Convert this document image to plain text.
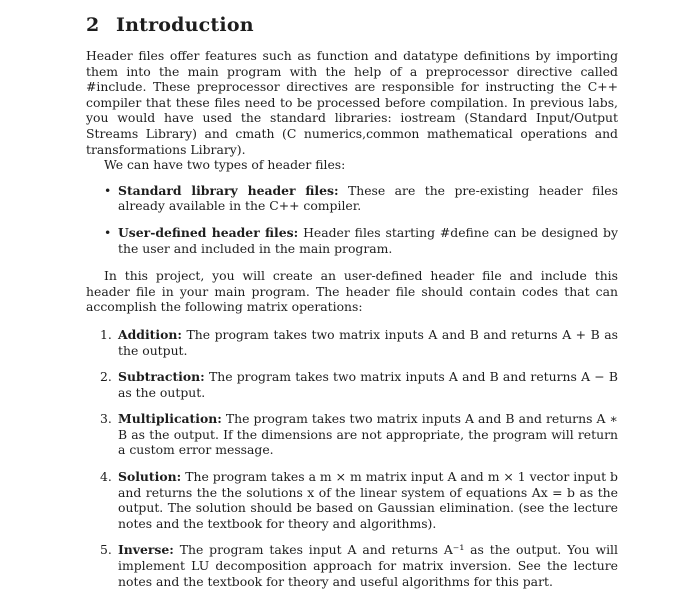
2 Introduction

Header files offer features such as function and datatype definitions by importing them into the main program with the help of a preprocessor directive called #include. These preprocessor directives are responsible for instructing the C++ compiler that these files need to be processed before compilation. In previous labs, you would have used the standard libraries: iostream (Standard Input/Output Streams Library) and cmath (C numerics,common mathematical operations and transformations Library).

We can have two types of header files:

• Standard library header files: These are the pre-existing header files already available in the C++ compiler.
• User-defined header files: Header files starting #define can be designed by the user and included in the main program.

In this project, you will create an user-defined header file and include this header file in your main program. The header file should contain codes that can accomplish the following matrix operations:

1. Addition: The program takes two matrix inputs A and B and returns A + B as the output.
2. Subtraction: The program takes two matrix inputs A and B and returns A − B as the output.
3. Multiplication: The program takes two matrix inputs A and B and returns A ∗ B as the output. If the dimensions are not appropriate, the program will return a custom error message.
4. Solution: The program takes a m × m matrix input A and m × 1 vector input b and returns the the solutions x of the linear system of equations Ax = b as the output. The solution should be based on Gaussian elimination. (see the lecture notes and the textbook for theory and algorithms).
5. Inverse: The program takes input A and returns A⁻¹ as the output. You will implement LU decomposition approach for matrix inversion. See the lecture notes and the textbook for theory and useful algorithms for this part.
